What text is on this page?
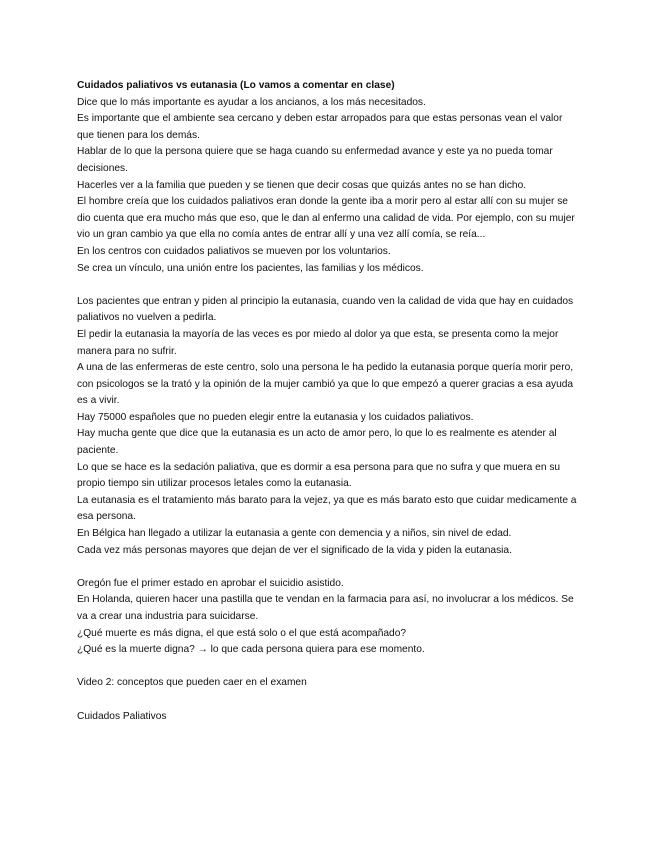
Cuidados paliativos vs eutanasia (Lo vamos a comentar en clase)

Dice que lo más importante es ayudar a los ancianos, a los más necesitados.

Es importante que el ambiente sea cercano y deben estar arropados para que estas personas vean el valor que tienen para los demás.

Hablar de lo que la persona quiere que se haga cuando su enfermedad avance y este ya no pueda tomar decisiones.

Hacerles ver a la familia que pueden y se tienen que decir cosas que quizás antes no se han dicho.

El hombre creía que los cuidados paliativos eran donde la gente iba a morir pero al estar allí con su mujer se dio cuenta que era mucho más que eso, que le dan al enfermo una calidad de vida. Por ejemplo, con su mujer vio un gran cambio ya que ella no comía antes de entrar allí y una vez allí comía, se reía...

En los centros con cuidados paliativos se mueven por los voluntarios.

Se crea un vínculo, una unión entre los pacientes, las familias y los médicos.

Los pacientes que entran y piden al principio la eutanasia, cuando ven la calidad de vida que hay en cuidados paliativos no vuelven a pedirla.

El pedir la eutanasia la mayoría de las veces es por miedo al dolor ya que esta, se presenta como la mejor manera para no sufrir.

A una de las enfermeras de este centro, solo una persona le ha pedido la eutanasia porque quería morir pero, con psicologos se la trató y la opinión de la mujer cambió ya que lo que empezó a querer gracias a esa ayuda es a vivir.

Hay 75000 españoles que no pueden elegir entre la eutanasia y los cuidados paliativos.

Hay mucha gente que dice que la eutanasia es un acto de amor pero, lo que lo es realmente es atender al paciente.

Lo que se hace es la sedación paliativa, que es dormir a esa persona para que no sufra y que muera en su propio tiempo sin utilizar procesos letales como la eutanasia.

La eutanasia es el tratamiento más barato para la vejez, ya que es más barato esto que cuidar medicamente a esa persona.

En Bélgica han llegado a utilizar la eutanasia a gente con demencia y a niños, sin nivel de edad.

Cada vez más personas mayores que dejan de ver el significado de la vida y piden la eutanasia.

Oregón fue el primer estado en aprobar el suicidio asistido.

En Holanda, quieren hacer una pastilla que te vendan en la farmacia para así, no involucrar a los médicos. Se va a crear una industria para suicidarse.

¿Qué muerte es más digna, el que está solo o el que está acompañado?

¿Qué es la muerte digna? → lo que cada persona quiera para ese momento.

Video 2: conceptos que pueden caer en el examen

Cuidados Paliativos
